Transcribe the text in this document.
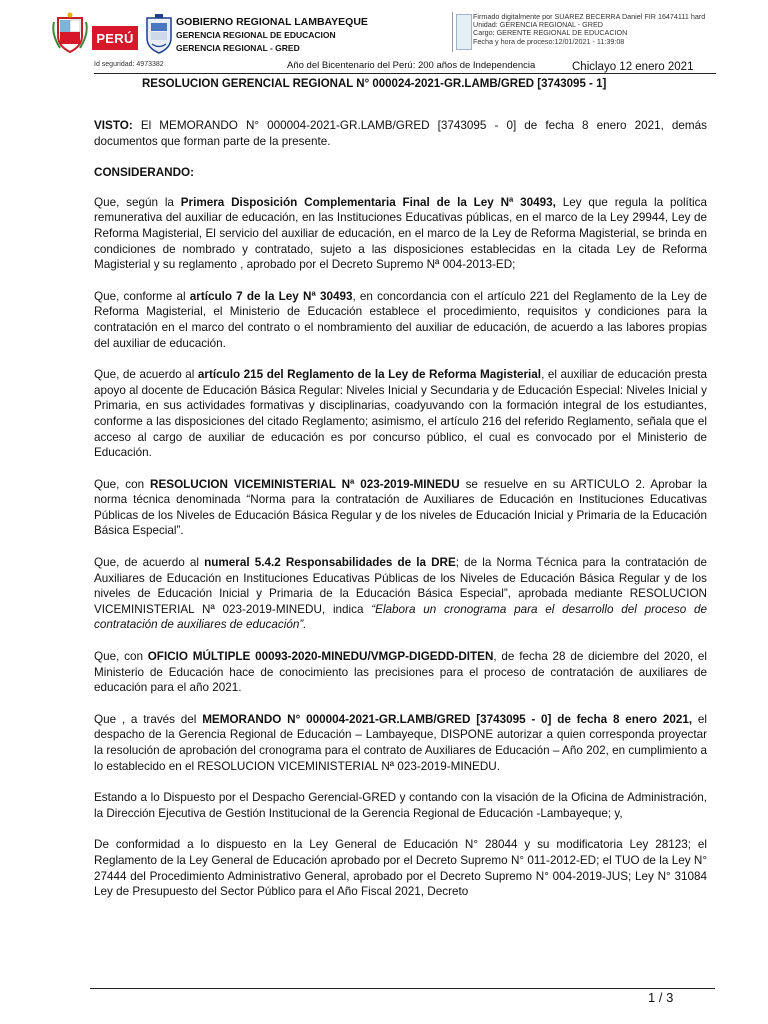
PERÚ
GOBIERNO REGIONAL LAMBAYEQUE
GERENCIA REGIONAL DE EDUCACION
GERENCIA REGIONAL - GRED
Firmado digitalmente por SUAREZ BECERRA Daniel FIR 16474111 hard
Unidad: GERENCIA REGIONAL - GRED
Cargo: GERENTE REGIONAL DE EDUCACION
Fecha y hora de proceso:12/01/2021 - 11:39:08
Id seguridad: 4973382	Año del Bicentenario del Perú: 200 años de Independencia	Chiclayo 12 enero 2021
RESOLUCION GERENCIAL REGIONAL N° 000024-2021-GR.LAMB/GRED [3743095 - 1]

VISTO: El MEMORANDO N° 000004-2021-GR.LAMB/GRED [3743095 - 0] de fecha 8 enero 2021, demás documentos que forman parte de la presente.

CONSIDERANDO:

Que, según la Primera Disposición Complementaria Final de la Ley Nª 30493, Ley que regula la política remunerativa del auxiliar de educación, en las Instituciones Educativas públicas, en el marco de la Ley 29944, Ley de Reforma Magisterial, El servicio del auxiliar de educación, en el marco de la Ley de Reforma Magisterial, se brinda en condiciones de nombrado y contratado, sujeto a las disposiciones establecidas en la citada Ley de Reforma Magisterial y su reglamento , aprobado por el Decreto Supremo Nª 004-2013-ED;

Que, conforme al artículo 7 de la Ley Nª 30493, en concordancia con el artículo 221 del Reglamento de la Ley de Reforma Magisterial, el Ministerio de Educación establece el procedimiento, requisitos y condiciones para la contratación en el marco del contrato o el nombramiento del auxiliar de educación, de acuerdo a las labores propias del auxiliar de educación.

Que, de acuerdo al artículo 215 del Reglamento de la Ley de Reforma Magisterial, el auxiliar de educación presta apoyo al docente de Educación Básica Regular: Niveles Inicial y Secundaria y de Educación Especial: Niveles Inicial y Primaria, en sus actividades formativas y disciplinarias, coadyuvando con la formación integral de los estudiantes, conforme a las disposiciones del citado Reglamento; asimismo, el artículo 216 del referido Reglamento, señala que el acceso al cargo de auxiliar de educación es por concurso público, el cual es convocado por el Ministerio de Educación.

Que, con RESOLUCION VICEMINISTERIAL Nª 023-2019-MINEDU se resuelve en su ARTICULO 2. Aprobar la norma técnica denominada “Norma para la contratación de Auxiliares de Educación en Instituciones Educativas Públicas de los Niveles de Educación Básica Regular y de los niveles de Educación Inicial y Primaria de la Educación Básica Especial”.

Que, de acuerdo al numeral 5.4.2 Responsabilidades de la DRE; de la Norma Técnica para la contratación de Auxiliares de Educación en Instituciones Educativas Públicas de los Niveles de Educación Básica Regular y de los niveles de Educación Inicial y Primaria de la Educación Básica Especial”, aprobada mediante RESOLUCION VICEMINISTERIAL Nª 023-2019-MINEDU, indica “Elabora un cronograma para el desarrollo del proceso de contratación de auxiliares de educación”.

Que, con OFICIO MÚLTIPLE 00093-2020-MINEDU/VMGP-DIGEDD-DITEN, de fecha 28 de diciembre del 2020, el Ministerio de Educación hace de conocimiento las precisiones para el proceso de contratación de auxiliares de educación para el año 2021.

Que , a través del MEMORANDO N° 000004-2021-GR.LAMB/GRED [3743095 - 0] de fecha 8 enero 2021, el despacho de la Gerencia Regional de Educación – Lambayeque, DISPONE autorizar a quien corresponda proyectar la resolución de aprobación del cronograma para el contrato de Auxiliares de Educación – Año 202, en cumplimiento a lo establecido en el RESOLUCION VICEMINISTERIAL Nª 023-2019-MINEDU.

Estando a lo Dispuesto por el Despacho Gerencial-GRED y contando con la visación de la Oficina de Administración, la Dirección Ejecutiva de Gestión Institucional de la Gerencia Regional de Educación -Lambayeque; y,

De conformidad a lo dispuesto en la Ley General de Educación N° 28044 y su modificatoria Ley 28123; el Reglamento de la Ley General de Educación aprobado por el Decreto Supremo N° 011-2012-ED; el TUO de la Ley N° 27444 del Procedimiento Administrativo General, aprobado por el Decreto Supremo N° 004-2019-JUS; Ley N° 31084 Ley de Presupuesto del Sector Público para el Año Fiscal 2021, Decreto

1 / 3
